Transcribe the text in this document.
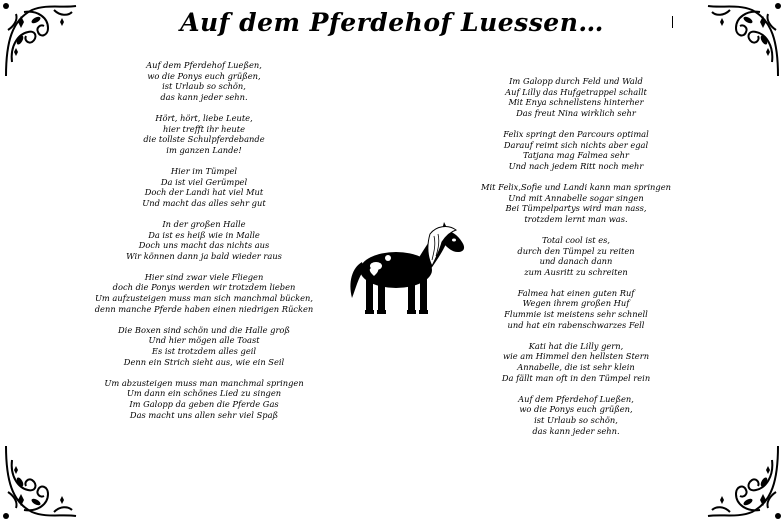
Auf dem Pferdehof Luessen…
Auf dem Pferdehof Lueßen,
wo die Ponys euch grüßen,
ist Urlaub so schön,
das kann jeder sehn.
Hört, hört, liebe Leute,
hier trefft ihr heute
die tollste Schulpferdebande
im ganzen Lande!
Hier im Tümpel
Da ist viel Gerümpel
Doch der Landi hat viel Mut
Und macht das alles sehr gut
In der großen Halle
Da ist es heiß wie in Malle
Doch uns macht das nichts aus
Wir können dann ja bald wieder raus
Hier sind zwar viele Fliegen
doch die Ponys werden wir trotzdem lieben
Um aufzusteigen muss man sich manchmal bücken,
denn manche Pferde haben einen niedrigen Rücken
Die Boxen sind schön und die Halle groß
Und hier mögen alle Toast
Es ist trotzdem alles geil
Denn ein Strich sieht aus, wie ein Seil
Um abzusteigen muss man manchmal springen
Um dann ein schönes Lied zu singen
Im Galopp da geben die Pferde Gas
Das macht uns allen sehr viel Spaß
Im Galopp durch Feld und Wald
Auf Lilly das Hufgetrappel schallt
Mit Enya schnellstens hinterher
Das freut Nina wirklich sehr
Felix springt den Parcours optimal
Darauf reimt sich nichts aber egal
Tatjana mag Falmea sehr
Und nach jedem Ritt noch mehr
Mit Felix,Sofie und Landi kann man springen
Und mit Annabelle sogar singen
Bei Tümpelpartys wird man nass,
trotzdem lernt man was.
Total cool ist es,
durch den Tümpel zu reiten
und danach dann
zum Ausritt zu schreiten
Falmea hat einen guten Ruf
Wegen ihrem großen Huf
Flummie ist meistens sehr schnell
und hat ein rabenschwarzes Fell
Kati hat die Lilly gern,
wie am Himmel den hellsten Stern
Annabelle, die ist sehr klein
Da fällt man oft in den Tümpel rein
Auf dem Pferdehof Lueßen,
wo die Ponys euch grüßen,
ist Urlaub so schön,
das kann jeder sehn.
